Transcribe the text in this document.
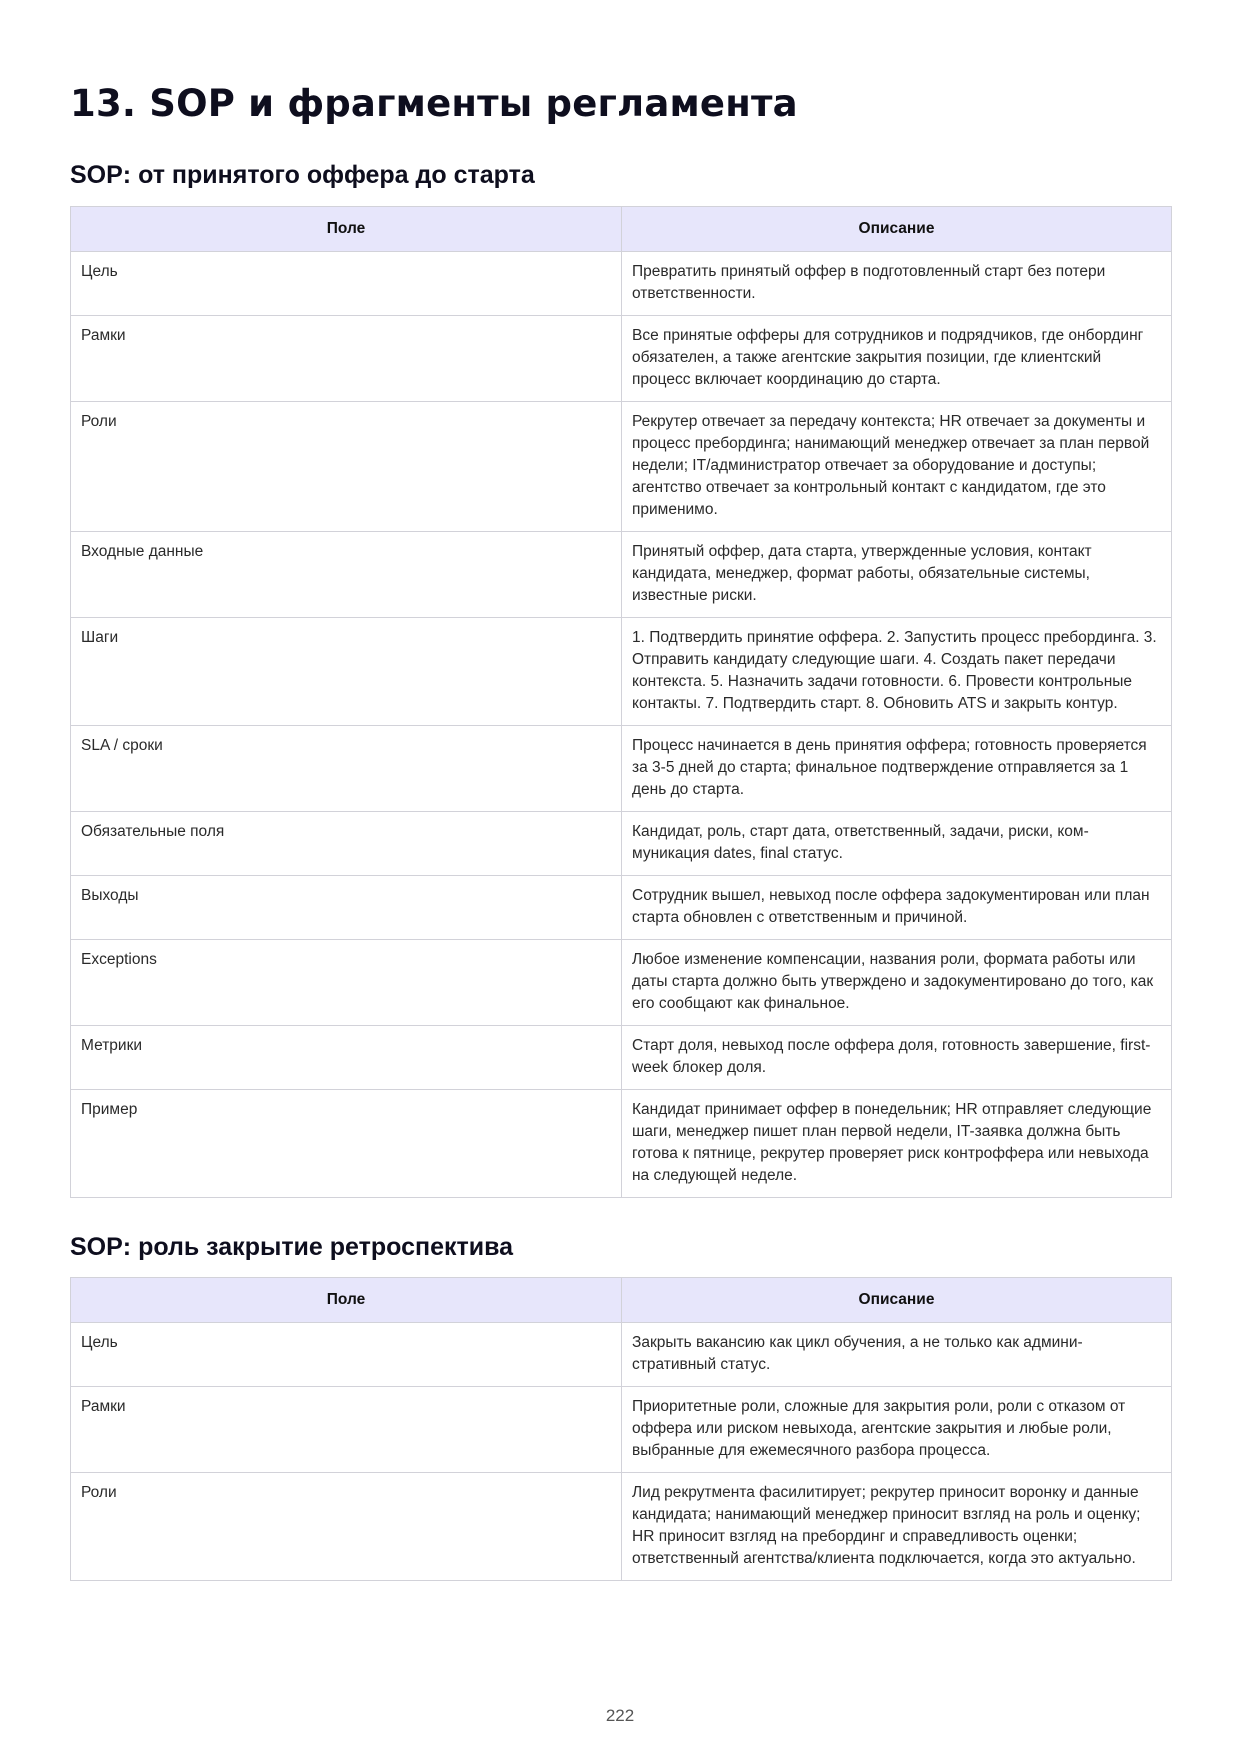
13. SOP и фрагменты регламента
SOP: от принятого оффера до старта
Поле	Описание
Цель	Превратить принятый оффер в подготовленный старт без потери ответственности.
Рамки	Все принятые офферы для сотрудников и подрядчиков, где онбординг обязателен, а также агентские закрытия позиции, где клиентский процесс включает координацию до старта.
Роли	Рекрутер отвечает за передачу контекста; HR отвечает за документы и процесс пребординга; нанимающий менеджер отвечает за план первой недели; IT/администратор отвечает за оборудование и доступы; агентство отвечает за контрольный контакт с кандидатом, где это применимо.
Входные данные	Принятый оффер, дата старта, утвержденные условия, контакт кандидата, менеджер, формат работы, обязательные системы, известные риски.
Шаги	1. Подтвердить принятие оффера. 2. Запустить процесс пребординга. 3. Отправить кандидату следующие шаги. 4. Создать пакет передачи контекста. 5. Назначить задачи готовности. 6. Провести контрольные контакты. 7. Подтвердить старт. 8. Обновить ATS и закрыть контур.
SLA / сроки	Процесс начинается в день принятия оффера; готовность проверяется за 3-5 дней до старта; финальное подтверждение отправляется за 1 день до старта.
Обязательные поля	Кандидат, роль, старт дата, ответственный, задачи, риски, коммуникация dates, final статус.
Выходы	Сотрудник вышел, невыход после оффера задокументирован или план старта обновлен с ответственным и причиной.
Exceptions	Любое изменение компенсации, названия роли, формата работы или даты старта должно быть утверждено и задокументировано до того, как его сообщают как финальное.
Метрики	Старт доля, невыход после оффера доля, готовность завершение, first-week блокер доля.
Пример	Кандидат принимает оффер в понедельник; HR отправляет следующие шаги, менеджер пишет план первой недели, IT-заявка должна быть готова к пятнице, рекрутер проверяет риск контроффера или невыхода на следующей неделе.
SOP: роль закрытие ретроспектива
Поле	Описание
Цель	Закрыть вакансию как цикл обучения, а не только как административный статус.
Рамки	Приоритетные роли, сложные для закрытия роли, роли с отказом от оффера или риском невыхода, агентские закрытия и любые роли, выбранные для ежемесячного разбора процесса.
Роли	Лид рекрутмента фасилитирует; рекрутер приносит воронку и данные кандидата; нанимающий менеджер приносит взгляд на роль и оценку; HR приносит взгляд на пребординг и справедливость оценки; ответственный агентства/клиента подключается, когда это актуально.
222
